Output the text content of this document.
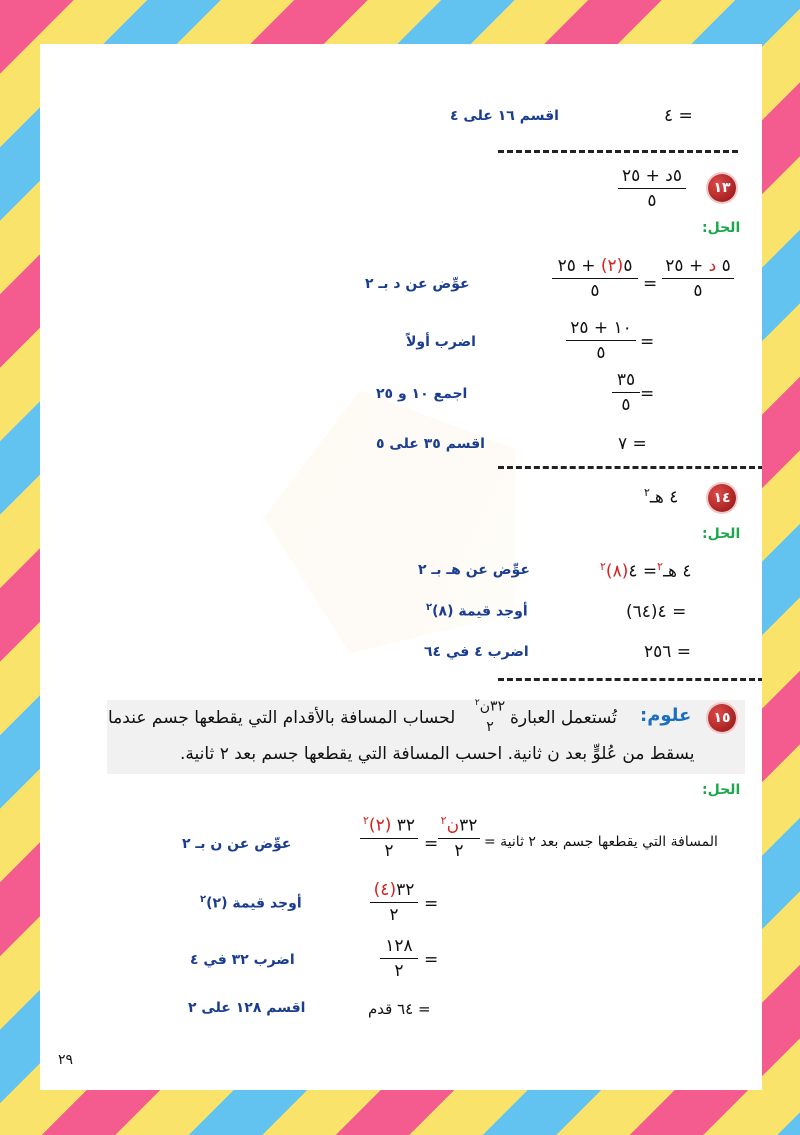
= ٤
اقسم ١٦ على ٤
١٣
٥د + ٢٥
٥
الحل:
٥ د + ٢٥
٥
=
٥(٢) + ٢٥
٥
عوِّض عن د بـ ٢
١٠ + ٢٥
٥
=
اضرب أولاً
٣٥
٥
=
اجمع ١٠ و ٢٥
= ٧
اقسم ٣٥ على ٥
١٤
٤ هـ$^٢$
الحل:
٤ هـ$^٢$= ٤(٨)$^٢$
عوِّض عن هـ بـ ٢
= ٤(٦٤)
أوجد قيمة (٨)$^٢$
= ٢٥٦
اضرب ٤ في ٦٤
١٥
علوم:
تُستعمل العبارة
٣٢ن$^٢$
٢
لحساب المسافة بالأقدام التي يقطعها جسم عندما
يسقط من عُلوٍّ بعد ن ثانية. احسب المسافة التي يقطعها جسم بعد ٢ ثانية.
الحل:
المسافة التي يقطعها جسم بعد ٢ ثانية =
٣٢ن$^٢$
٢
=
٣٢ (٢)$^٢$
٢
عوِّض عن ن بـ ٢
٣٢(٤)
٢
=
أوجد قيمة (٢)$^٢$
١٢٨
٢
=
اضرب ٣٢ في ٤
= ٦٤ قدم
اقسم ١٢٨ على ٢
٢٩
